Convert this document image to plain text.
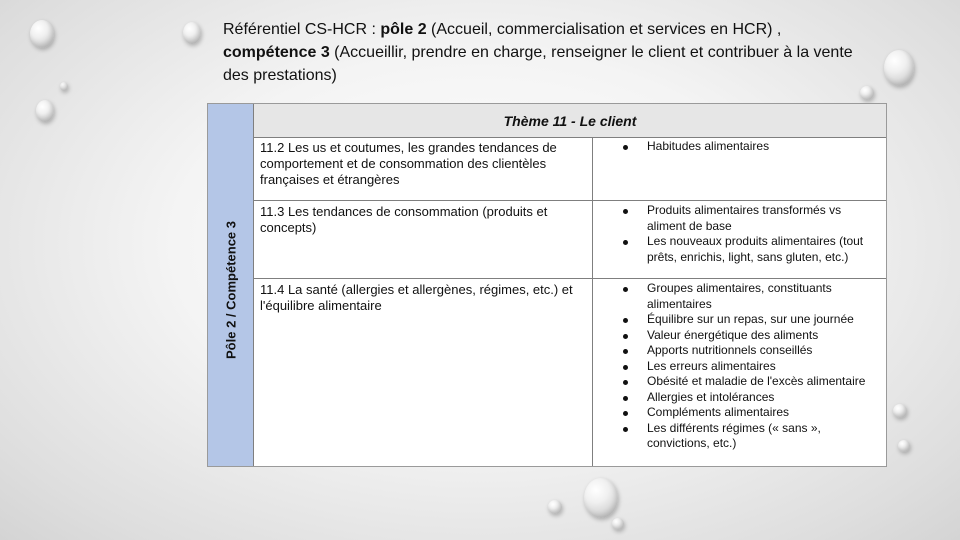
Référentiel CS-HCR : pôle 2 (Accueil, commercialisation et services en HCR) ,
compétence 3 (Accueillir, prendre en charge, renseigner le client et contribuer à la vente des prestations)
Pôle 2 / Compétence 3
Thème 11 - Le client
11.2 Les us et coutumes, les grandes tendances de comportement et de consommation des clientèles françaises et étrangères
Habitudes alimentaires
11.3 Les tendances de consommation (produits et concepts)
Produits alimentaires transformés vs aliment de base
Les nouveaux produits alimentaires (tout prêts, enrichis, light, sans gluten, etc.)
11.4 La santé (allergies et allergènes, régimes, etc.) et l'équilibre alimentaire
Groupes alimentaires, constituants alimentaires
Équilibre sur un repas, sur une journée
Valeur énergétique des aliments
Apports nutritionnels conseillés
Les erreurs alimentaires
Obésité et maladie de l'excès alimentaire
Allergies et intolérances
Compléments alimentaires
Les différents régimes (« sans », convictions, etc.)
